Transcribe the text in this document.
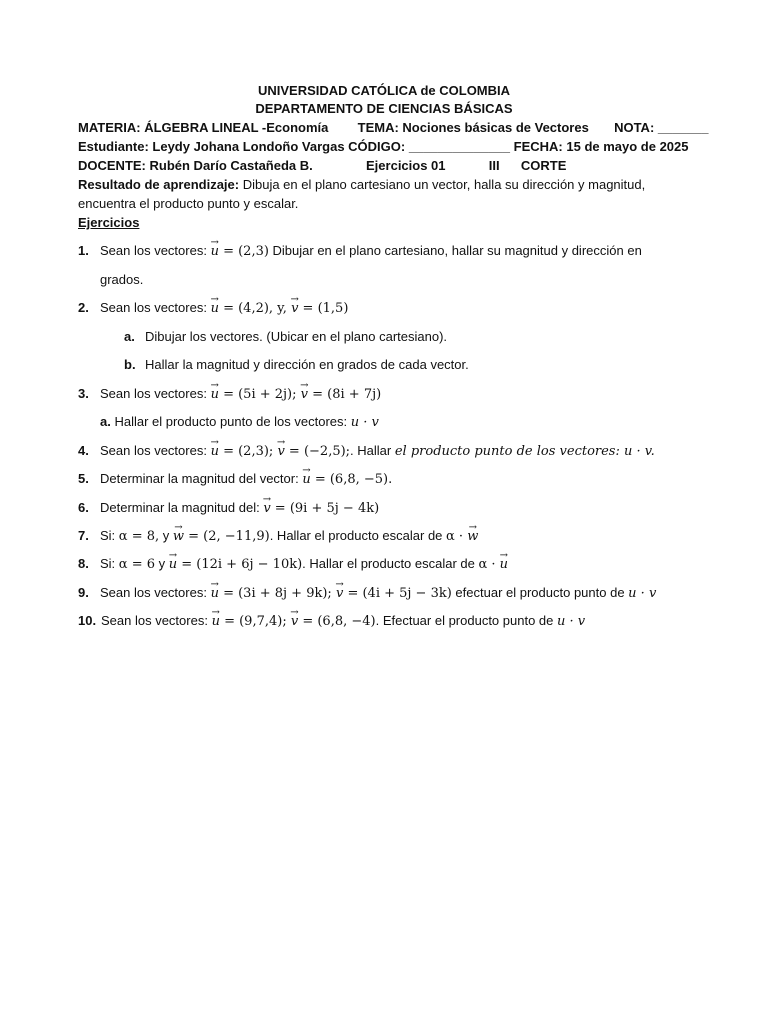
UNIVERSIDAD CATÓLICA de COLOMBIA
DEPARTAMENTO DE CIENCIAS BÁSICAS
MATERIA: ÁLGEBRA LINEAL -Economía TEMA: Nociones básicas de Vectores NOTA: _______
Estudiante: Leydy Johana Londoño Vargas CÓDIGO: ______________ FECHA: 15 de mayo de 2025
DOCENTE: Rubén Darío Castañeda B.	Ejercicios 01	III CORTE
Resultado de aprendizaje: Dibuja en el plano cartesiano un vector, halla su dirección y magnitud,
encuentra el producto punto y escalar.
Ejercicios
1. Sean los vectores: → u = (2,3) Dibujar en el plano cartesiano, hallar su magnitud y dirección en
grados.
2. Sean los vectores: → u = (4,2), y, → v = (1,5)
a. Dibujar los vectores. (Ubicar en el plano cartesiano).
b. Hallar la magnitud y dirección en grados de cada vector.
3. Sean los vectores: → u = (5i + 2j); → v = (8i + 7j)
a. Hallar el producto punto de los vectores: u · v
4. Sean los vectores: → u = (2,3); → v = (−2,5);. Hallar el producto punto de los vectores: u · v.
5. Determinar la magnitud del vector: → u = (6,8, −5).
6. Determinar la magnitud del: → v = (9i + 5j − 4k)
7. Si: α = 8, y → w = (2, −11,9). Hallar el producto escalar de α · → w
8. Si: α = 6 y → u = (12i + 6j − 10k). Hallar el producto escalar de α · → u
9. Sean los vectores: → u = (3i + 8j + 9k); → v = (4i + 5j − 3k) efectuar el producto punto de u · v
10. Sean los vectores: → u = (9,7,4); → v = (6,8, −4). Efectuar el producto punto de u · v
